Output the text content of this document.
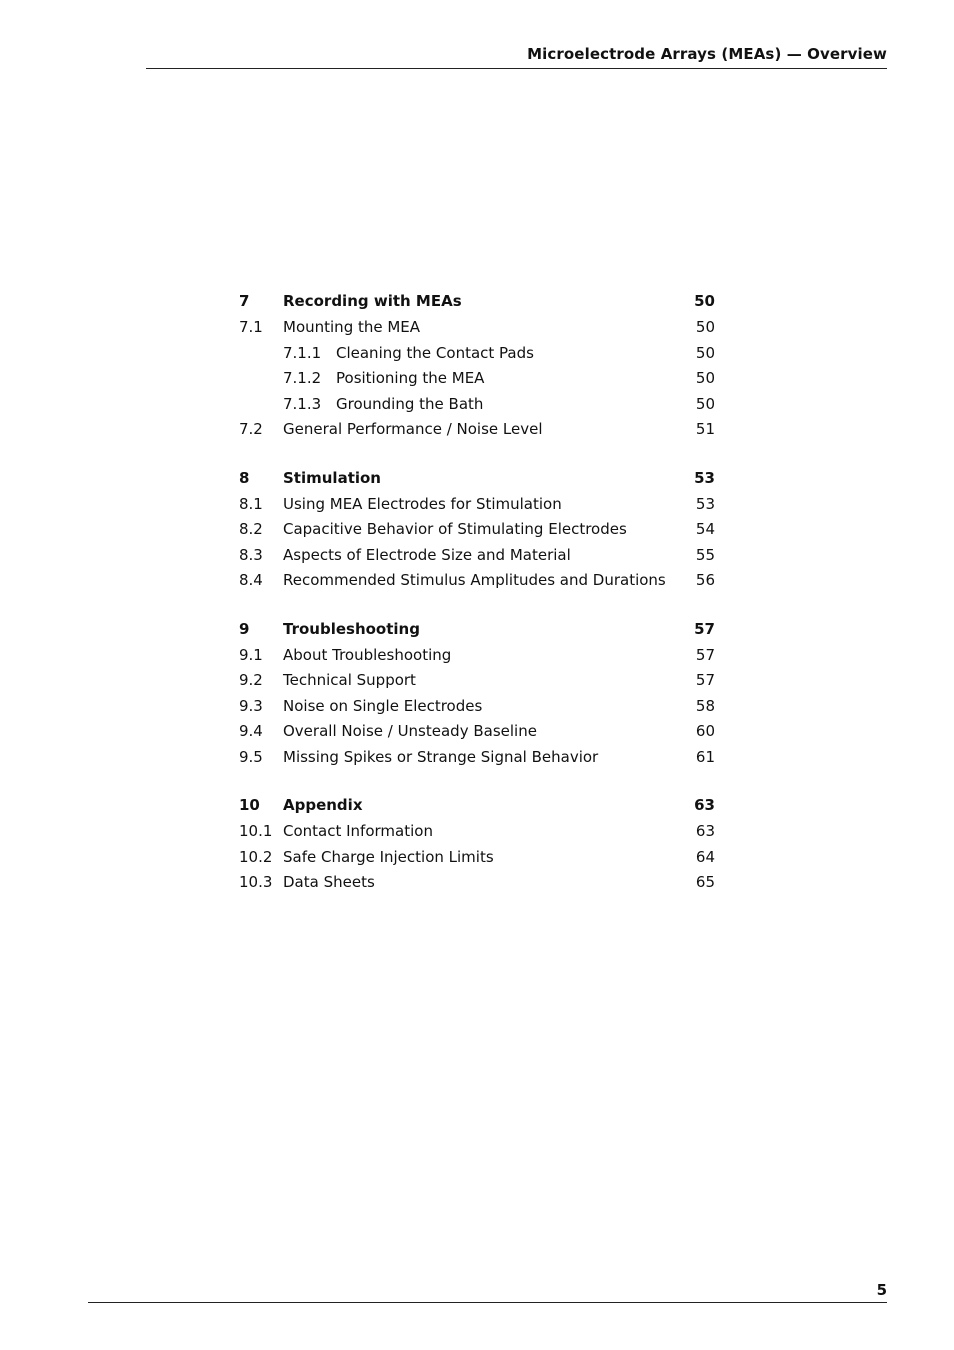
Microelectrode Arrays (MEAs) — Overview
7 Recording with MEAs	50
7.1 Mounting the MEA	50
7.1.1 Cleaning the Contact Pads	50
7.1.2 Positioning the MEA	50
7.1.3 Grounding the Bath	50
7.2 General Performance / Noise Level	51
8 Stimulation	53
8.1 Using MEA Electrodes for Stimulation	53
8.2 Capacitive Behavior of Stimulating Electrodes	54
8.3 Aspects of Electrode Size and Material	55
8.4 Recommended Stimulus Amplitudes and Durations 56
9 Troubleshooting	57
9.1 About Troubleshooting	57
9.2 Technical Support	57
9.3 Noise on Single Electrodes	58
9.4 Overall Noise / Unsteady Baseline	60
9.5 Missing Spikes or Strange Signal Behavior	61
10 Appendix	63
10.1 Contact Information	63
10.2 Safe Charge Injection Limits	64
10.3 Data Sheets	65
5
